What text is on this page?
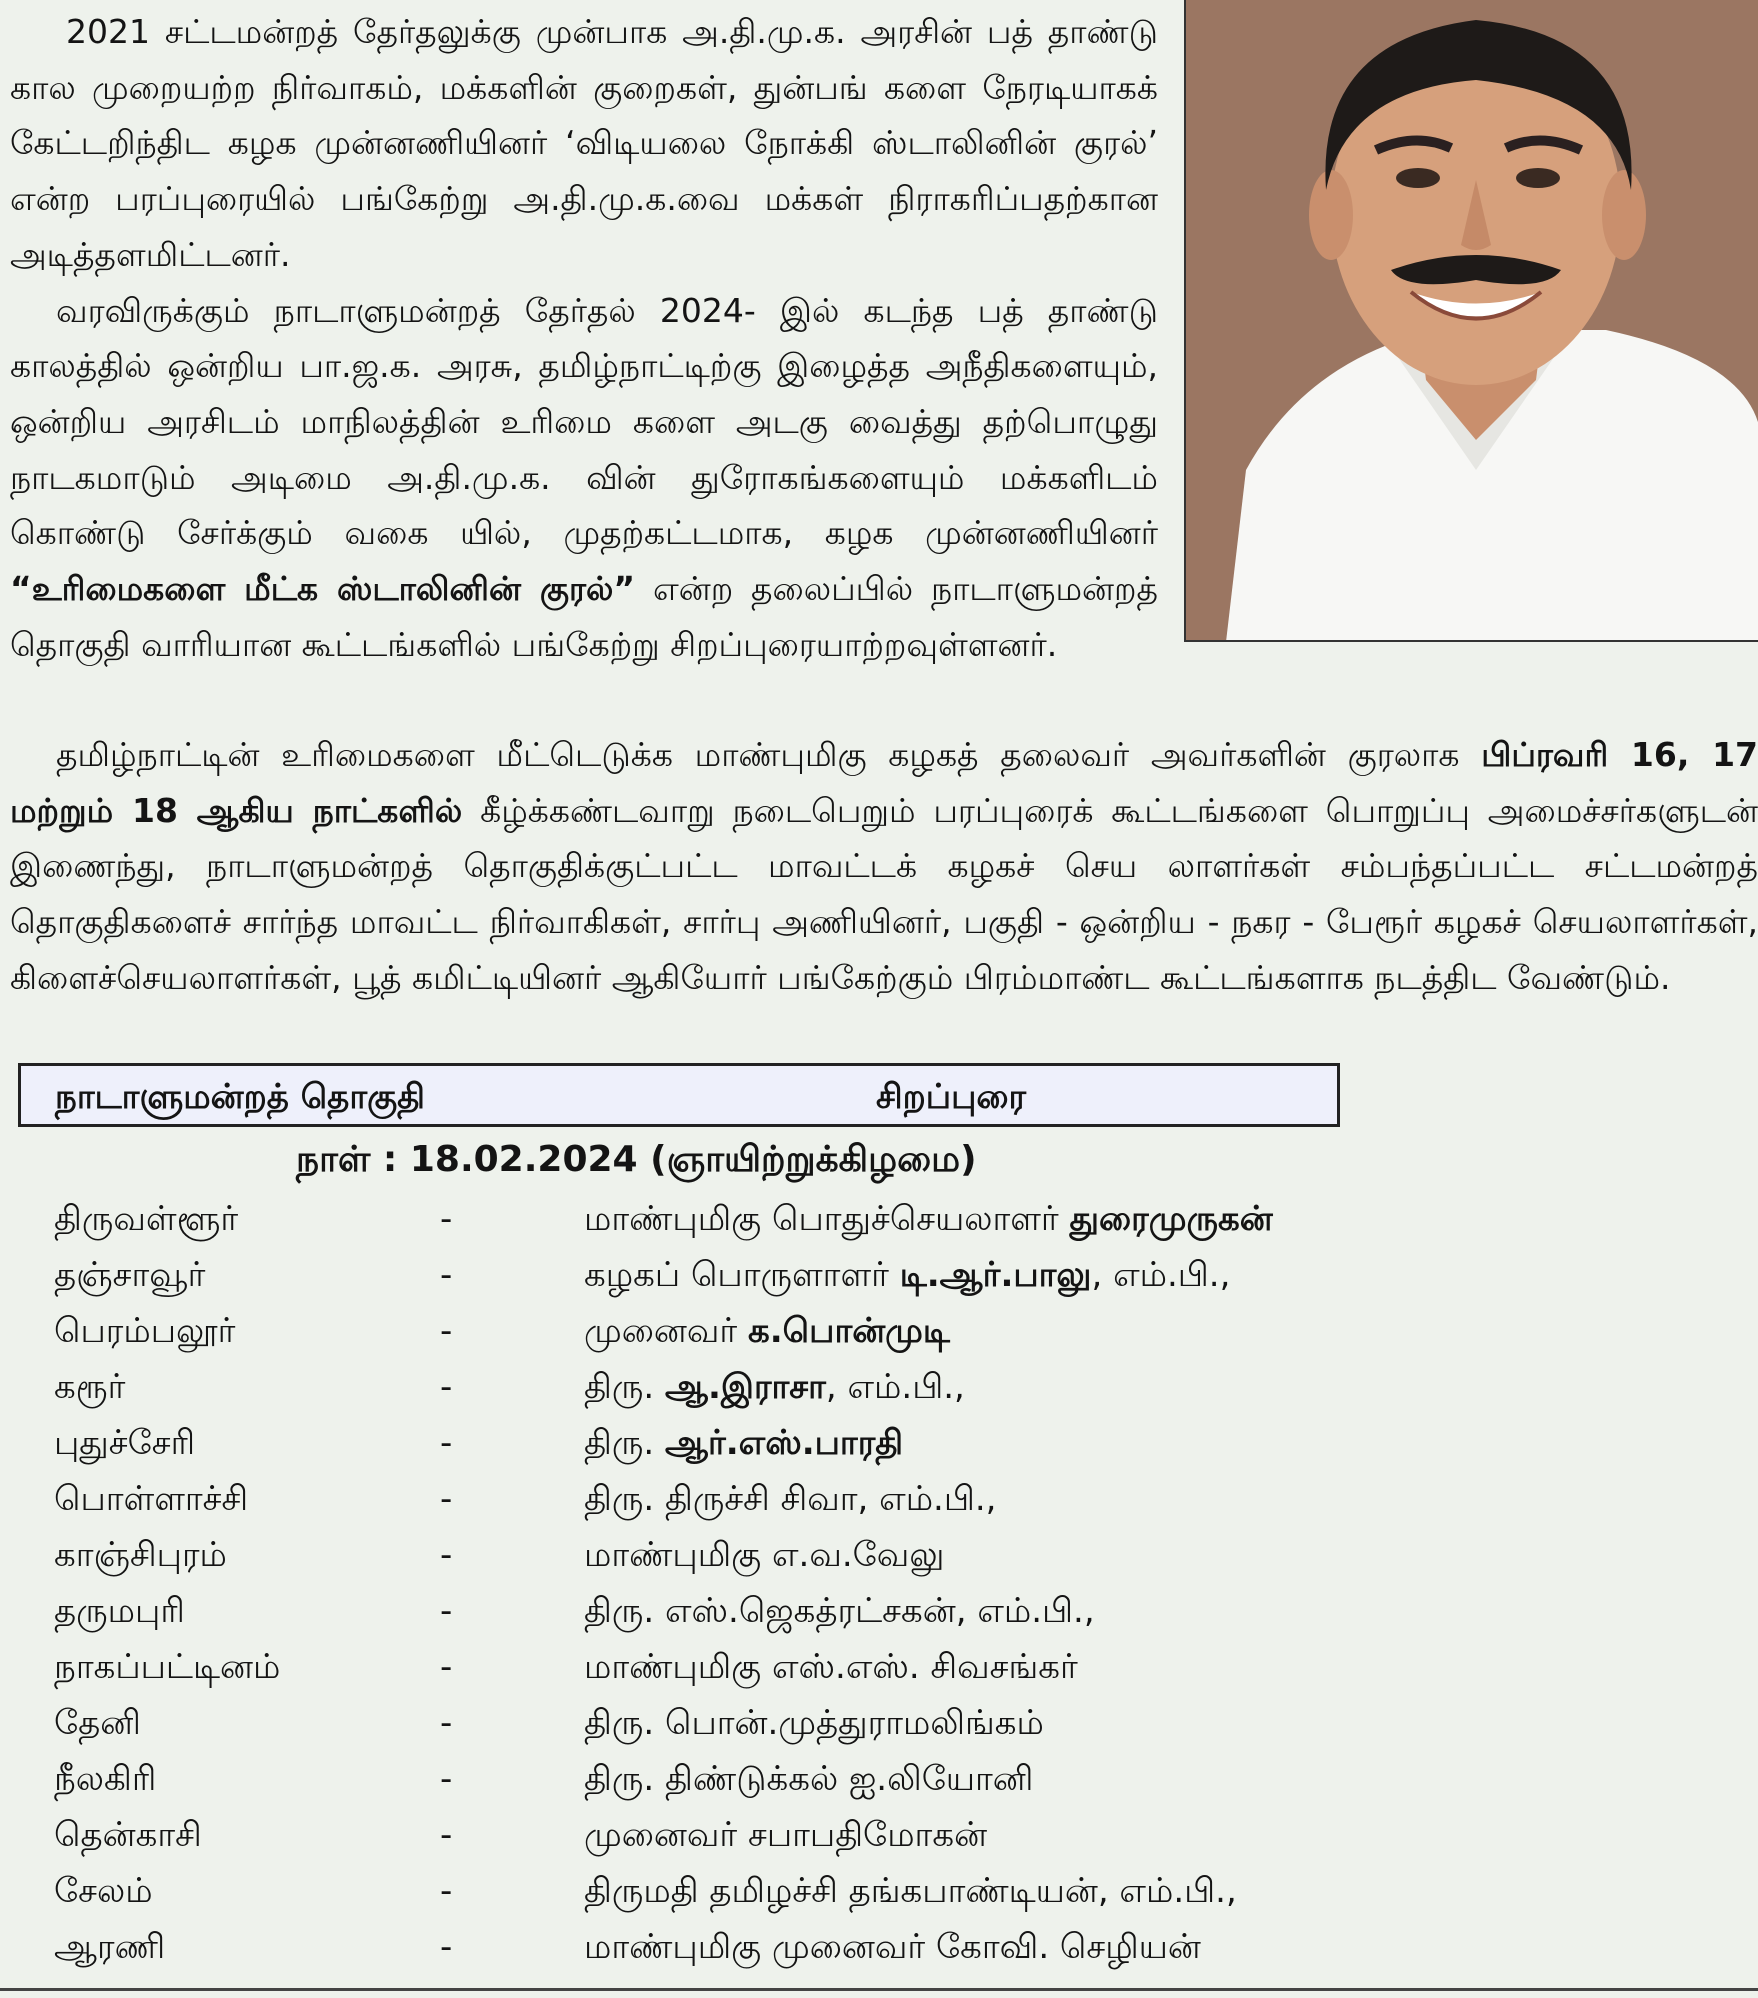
2021 சட்டமன்றத் தேர்தலுக்கு முன்பாக அ.தி.மு.க. அரசின் பத் தாண்டு கால முறையற்ற நிர்வாகம், மக்களின் குறைகள், துன்பங் களை நேரடியாகக் கேட்டறிந்திட கழக முன்னணியினர் ‘விடியலை நோக்கி ஸ்டாலினின் குரல்’ என்ற பரப்புரையில் பங்கேற்று அ.தி.மு.க.வை மக்கள் நிராகரிப்பதற்கான அடித்தளமிட்டனர்.

வரவிருக்கும் நாடாளுமன்றத் தேர்தல் 2024- இல் கடந்த பத் தாண்டு காலத்தில் ஒன்றிய பா.ஜ.க. அரசு, தமிழ்நாட்டிற்கு இழைத்த அநீதிகளையும், ஒன்றிய அரசிடம் மாநிலத்தின் உரிமை களை அடகு வைத்து தற்பொழுது நாடகமாடும் அடிமை அ.தி.மு.க. வின் துரோகங்களையும் மக்களிடம் கொண்டு சேர்க்கும் வகை யில், முதற்கட்டமாக, கழக முன்னணியினர் “உரிமைகளை மீட்க ஸ்டாலினின் குரல்” என்ற தலைப்பில் நாடாளுமன்றத் தொகுதி வாரியான கூட்டங்களில் பங்கேற்று சிறப்புரையாற்றவுள்ளனர்.

தமிழ்நாட்டின் உரிமைகளை மீட்டெடுக்க மாண்புமிகு கழகத் தலைவர் அவர்களின் குரலாக பிப்ரவரி 16, 17 மற்றும் 18 ஆகிய நாட்களில் கீழ்க்கண்டவாறு நடைபெறும் பரப்புரைக் கூட்டங்களை பொறுப்பு அமைச்சர்களுடன் இணைந்து, நாடாளுமன்றத் தொகுதிக்குட்பட்ட மாவட்டக் கழகச் செய லாளர்கள் சம்பந்தப்பட்ட சட்டமன்றத் தொகுதிகளைச் சார்ந்த மாவட்ட நிர்வாகிகள், சார்பு அணியினர், பகுதி - ஒன்றிய - நகர - பேரூர் கழகச் செயலாளர்கள், கிளைச்செயலாளர்கள், பூத் கமிட்டியினர் ஆகியோர் பங்கேற்கும் பிரம்மாண்ட கூட்டங்களாக நடத்திட வேண்டும்.

நாடாளுமன்றத் தொகுதி	சிறப்புரை
நாள் : 18.02.2024 (ஞாயிற்றுக்கிழமை)
திருவள்ளூர்	-	மாண்புமிகு பொதுச்செயலாளர் துரைமுருகன்
தஞ்சாவூர்	-	கழகப் பொருளாளர் டி.ஆர்.பாலு, எம்.பி.,
பெரம்பலூர்	-	முனைவர் க.பொன்முடி
கரூர்	-	திரு. ஆ.இராசா, எம்.பி.,
புதுச்சேரி	-	திரு. ஆர்.எஸ்.பாரதி
பொள்ளாச்சி	-	திரு. திருச்சி சிவா, எம்.பி.,
காஞ்சிபுரம்	-	மாண்புமிகு எ.வ.வேலு
தருமபுரி	-	திரு. எஸ்.ஜெகத்ரட்சகன், எம்.பி.,
நாகப்பட்டினம்	-	மாண்புமிகு எஸ்.எஸ். சிவசங்கர்
தேனி	-	திரு. பொன்.முத்துராமலிங்கம்
நீலகிரி	-	திரு. திண்டுக்கல் ஐ.லியோனி
தென்காசி	-	முனைவர் சபாபதிமோகன்
சேலம்	-	திருமதி தமிழச்சி தங்கபாண்டியன், எம்.பி.,
ஆரணி	-	மாண்புமிகு முனைவர் கோவி. செழியன்
